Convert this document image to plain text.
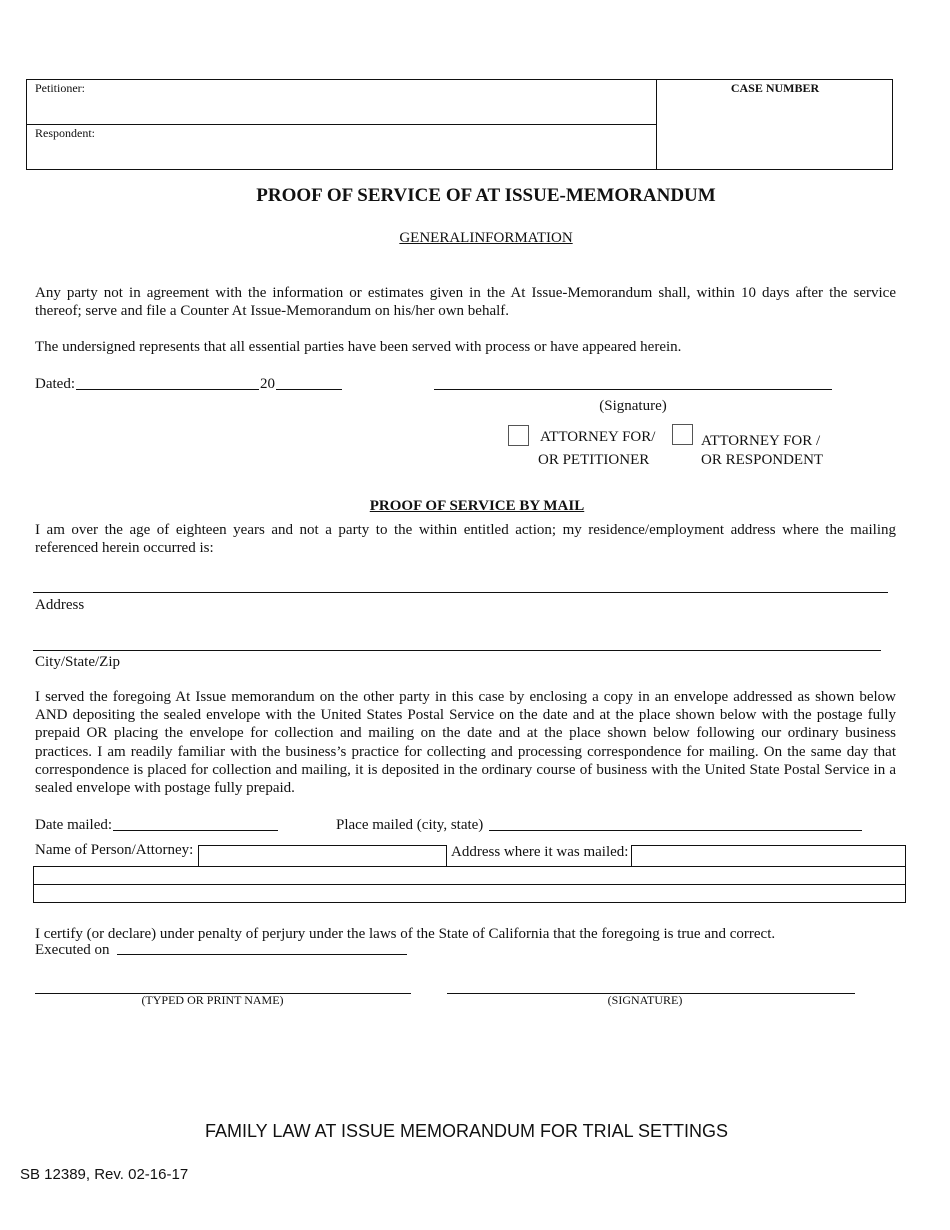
Petitioner:
Respondent:
CASE NUMBER
PROOF OF SERVICE OF AT ISSUE-MEMORANDUM
GENERALINFORMATION
Any party not in agreement with the information or estimates given in the At Issue-Memorandum shall, within 10 days after the service thereof; serve and file a Counter At Issue-Memorandum on his/her own behalf.
The undersigned represents that all essential parties have been served with process or have appeared herein.
Dated:	20
(Signature)
ATTORNEY FOR/
OR PETITIONER
ATTORNEY FOR /
OR RESPONDENT
PROOF OF SERVICE BY MAIL
I am over the age of eighteen years and not a party to the within entitled action; my residence/employment address where the mailing referenced herein occurred is:
Address
City/State/Zip
I served the foregoing At Issue memorandum on the other party in this case by enclosing a copy in an envelope addressed as shown below AND depositing the sealed envelope with the United States Postal Service on the date and at the place shown below with the postage fully prepaid OR placing the envelope for collection and mailing on the date and at the place shown below following our ordinary business practices. I am readily familiar with the business’s practice for collecting and processing correspondence for mailing. On the same day that correspondence is placed for collection and mailing, it is deposited in the ordinary course of business with the United State Postal Service in a sealed envelope with postage fully prepaid.
Date mailed:	Place mailed (city, state)
Name of Person/Attorney:	Address where it was mailed:
I certify (or declare) under penalty of perjury under the laws of the State of California that the foregoing is true and correct.
Executed on
(TYPED OR PRINT NAME)	(SIGNATURE)
FAMILY LAW AT ISSUE MEMORANDUM FOR TRIAL SETTINGS
SB 12389, Rev. 02-16-17
